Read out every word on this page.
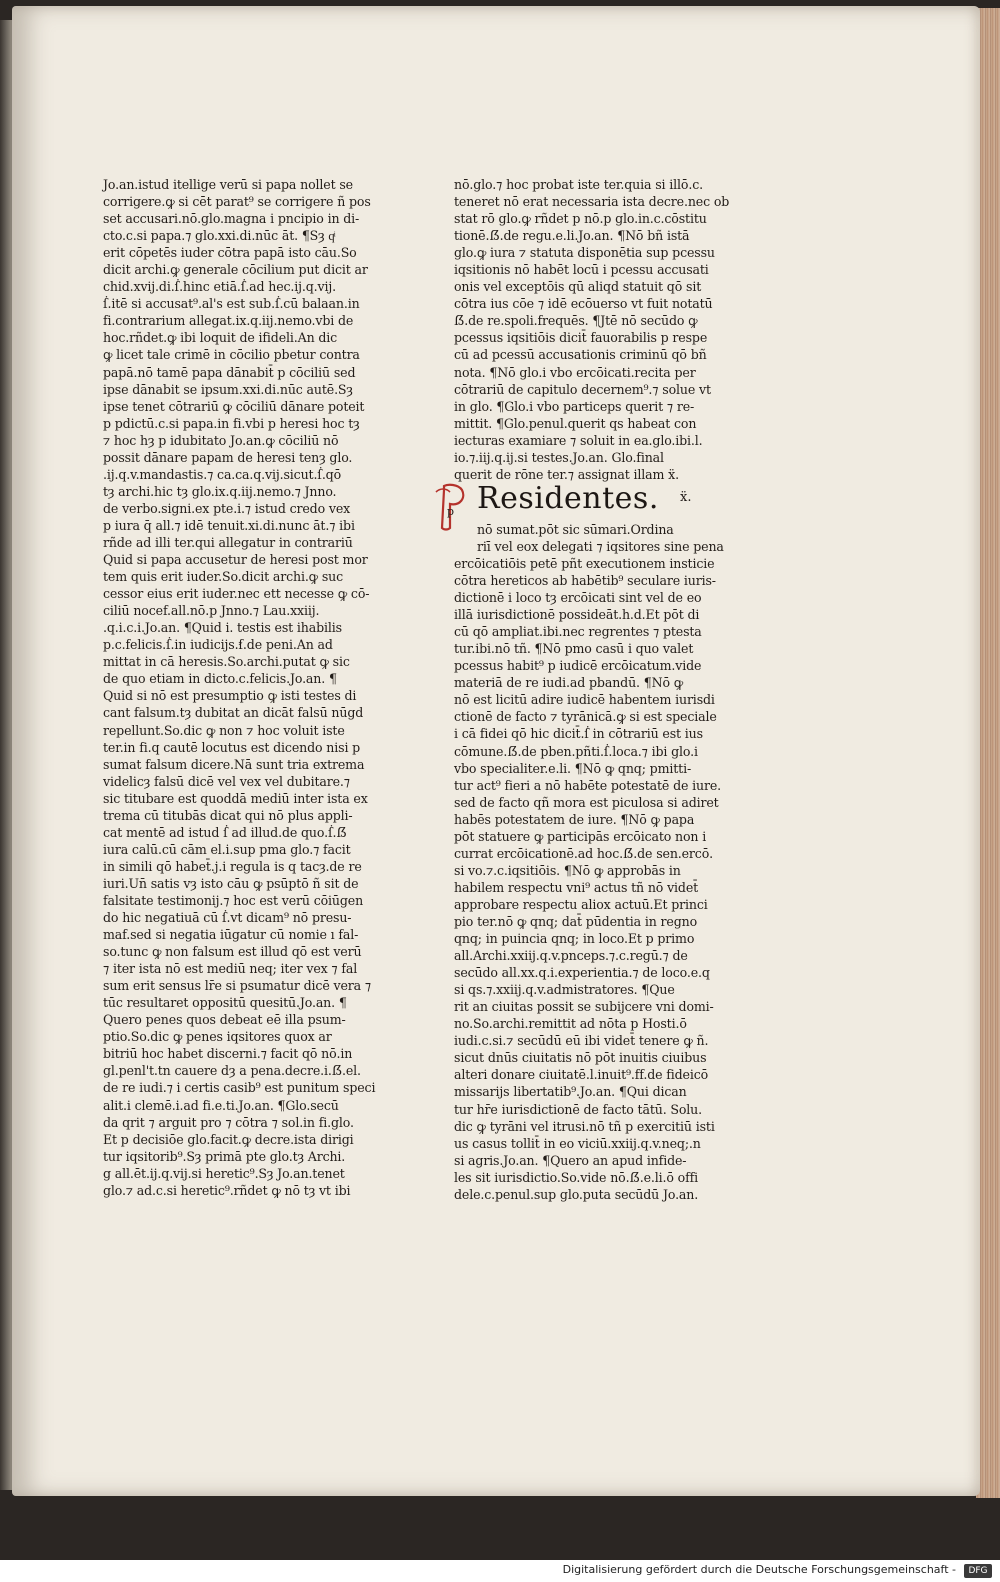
Jo.an.istud itellige verū si papa nollet se
corrigere.ꝙ si cēt parat⁹ se corrigere ñ pos
set accusari.nō.glo.magna i pncipio in di-
cto.c.si papa.⁊ glo.xxi.di.nūc āt. ¶Sȝ qͥ
erit cōpetēs iuder cōtra papā isto cāu.So
dicit archi.ꝙ generale cōcilium put dicit ar
chid.xvij.di.ẛ.hinc etiā.ẛ.ad hec.ij.q.vij.
ẛ.itē si accusat⁹.al's est sub.ẛ.cū balaan.in
fi.contrarium allegat.ix.q.iij.nemo.vbi de
hoc.rñdet.ꝙ ibi loquit de ifideli.An dic
ꝙ licet tale crimē in cōcilio pbetur contra
papā.nō tamē papa dānabit̄ p cōciliū sed
ipse dānabit se ipsum.xxi.di.nūc autē.Sȝ
ipse tenet cōtrariū ꝙ cōciliū dānare poteit
p pdictū.c.si papa.in fi.vbi p heresi hoc tȝ
⁊ hoc hȝ p idubitato Jo.an.ꝙ cōciliū nō
possit dānare papam de heresi tenȝ glo.
.ij.q.v.mandastis.⁊ ca.ca.q.vij.sicut.ẛ.qō
tȝ archi.hic tȝ glo.ix.q.iij.nemo.⁊ Jnno.
de verbo.signi.ex pte.i.⁊ istud credo vex
p iura q̄ all.⁊ idē tenuit.xi.di.nunc āt.⁊ ibi
rñde ad illi ter.qui allegatur in contrariū
Quid si papa accusetur de heresi post mor
tem quis erit iuder.So.dicit archi.ꝙ suc
cessor eius erit iuder.nec ett necesse ꝙ cō-
ciliū nocef.all.nō.p Jnno.⁊ Lau.xxiij.
.q.i.c.i.Jo.an. ¶Quid i. testis est ihabilis
p.c.felicis.ẛ.in iudicijs.ẜ.de peni.An ad
mittat in cā heresis.So.archi.putat ꝙ sic
de quo etiam in dicto.c.felicis.Jo.an. ¶
Quid si nō est presumptio ꝙ isti testes di
cant falsum.tȝ dubitat an dicāt falsū nūgd
repellunt.So.dic ꝙ non ⁊ hoc voluit iste
ter.in fi.q cautē locutus est dicendo nisi p
sumat falsum dicere.Nā sunt tria extrema
videlicȝ falsū dicē vel vex vel dubitare.⁊
sic titubare est quoddā mediū inter ista ex
trema cū titubās dicat qui nō plus appli-
cat mentē ad istud ẛ ad illud.de quo.ẛ.ẞ
iura calū.cū cām el.i.sup pma glo.⁊ facit
in simili qō habet̄.j.i regula is q tacȝ.de re
iuri.Un̄ satis vȝ isto cāu ꝙ psūptō ñ sit de
falsitate testimonij.⁊ hoc est verū cōiūgen
do hic negatiuā cū ẛ.vt dicam⁹ nō presu-
maf.sed si negatia iūgatur cū nomie ı fal-
so.tunc ꝙ non falsum est illud qō est verū
⁊ iter ista nō est mediū neq; iter vex ⁊ fal
sum erit sensus lr̄e si psumatur dicē vera ⁊
tūc resultaret oppositū quesitū.Jo.an. ¶
Quero penes quos debeat eē illa psum-
ptio.So.dic ꝙ penes iqsitores quox ar
bitriū hoc habet discerni.⁊ facit qō nō.in
gl.penl't.tn cauere dȝ a pena.decre.i.ẞ.el.
de re iudi.⁊ i certis casib⁹ est punitum speci
alit.i clemē.i.ad fi.e.ti.Jo.an. ¶Glo.secū
da qrit ⁊ arguit pro ⁊ cōtra ⁊ sol.in fi.glo.
Et p decisiōe glo.facit.ꝙ decre.ista dirigi
tur iqsitorib⁹.Sȝ primā pte glo.tȝ Archi.
g all.ēt.ij.q.vij.si heretic⁹.Sȝ Jo.an.tenet
glo.⁊ ad.c.si heretic⁹.rñdet ꝙ nō tȝ vt ibi
nō.glo.⁊ hoc probat iste ter.quia si illō.c.
teneret nō erat necessaria ista decre.nec ob
stat rō glo.ꝙ rñdet p nō.p glo.in.c.cōstitu
tionē.ẞ.de regu.e.li.Jo.an. ¶Nō bñ istā
glo.ꝙ iura ⁊ statuta disponētia sup pcessu
iqsitionis nō habēt locū i pcessu accusati
onis vel exceptōis qū aliqd statuit qō sit
cōtra ius cōe ⁊ idē ecōuerso vt fuit notatū
ẞ.de re.spoli.frequēs. ¶Jtē nō secūdo ꝙ
pcessus iqsitiōis dicit̄ fauorabilis p respe
cū ad pcessū accusationis criminū qō bñ
nota. ¶Nō glo.i vbo ercōicati.recita per
cōtrariū de capitulo decernem⁹.⁊ solue vt
in glo. ¶Glo.i vbo particeps querit ⁊ re-
mittit. ¶Glo.penul.querit qs habeat con
iecturas examiare ⁊ soluit in ea.glo.ibi.l.
io.⁊.iij.q.ij.si testes.Jo.an. Glo.final
querit de rōne ter.⁊ assignat illam ẍ.
p Residentes. ẍ.
nō sumat.pōt sic sūmari.Ordina
riī vel eox delegati ⁊ iqsitores sine pena
ercōicatiōis petē pñt executionem insticie
cōtra hereticos ab habētib⁹ seculare iuris-
dictionē i loco tȝ ercōicati sint vel de eo
illā iurisdictionē possideāt.h.d.Et pōt di
cū qō ampliat.ibi.nec regrentes ⁊ ptesta
tur.ibi.nō tñ. ¶Nō pmo casū i quo valet
pcessus habit⁹ p iudicē ercōicatum.vide
materiā de re iudi.ad pbandū. ¶Nō ꝙ
nō est licitū adire iudicē habentem iurisdi
ctionē de facto ⁊ tyrānicā.ꝙ si est speciale
i cā fidei qō hic dicit̄.ẛ in cōtrariū est ius
cōmune.ẞ.de pben.pñti.ẛ.loca.⁊ ibi glo.i
vbo specialiter.e.li. ¶Nō ꝙ qnq; pmitti-
tur act⁹ fieri a nō habēte potestatē de iure.
sed de facto qñ mora est piculosa si adiret
habēs potestatem de iure. ¶Nō ꝙ papa
pōt statuere ꝙ participās ercōicato non i
currat ercōicationē.ad hoc.ẞ.de sen.ercō.
si vo.⁊.c.iqsitiōis. ¶Nō ꝙ approbās in
habilem respectu vni⁹ actus tñ nō videt̄
approbare respectu aliox actuū.Et princi
pio ter.nō ꝙ qnq; dat̄ pūdentia in regno
qnq; in puincia qnq; in loco.Et p primo
all.Archi.xxiij.q.v.pnceps.⁊.c.regū.⁊ de
secūdo all.xx.q.i.experientia.⁊ de loco.e.q
si qs.⁊.xxiij.q.v.admistratores. ¶Que
rit an ciuitas possit se subijcere vni domi-
no.So.archi.remittit ad nōta p Hosti.ō
iudi.c.si.⁊ secūdū eū ibi videt̄ tenere ꝙ ñ.
sicut dnūs ciuitatis nō pōt inuitis ciuibus
alteri donare ciuitatē.l.inuit⁹.ff.de fideicō
missarijs libertatib⁹.Jo.an. ¶Qui dican
tur hr̄e iurisdictionē de facto tātū. Solu.
dic ꝙ tyrāni vel itrusi.nō tñ p exercitiū isti
us casus tollit̄ in eo viciū.xxiij.q.v.neq;.n
si agris.Jo.an. ¶Quero an apud infide-
les sit iurisdictio.So.vide nō.ẞ.e.li.ō offi
dele.c.penul.sup glo.puta secūdū Jo.an.
Digitalisierung gefördert durch die Deutsche Forschungsgemeinschaft -	DFG
